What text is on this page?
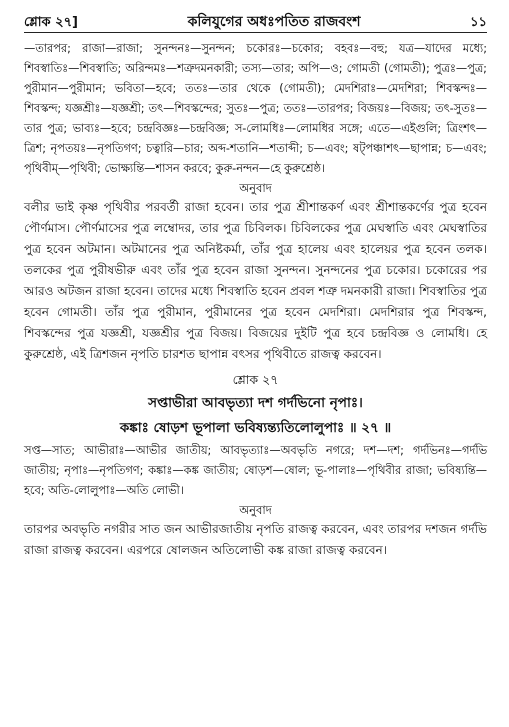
শ্লোক ২৭]	কলিযুগের অধঃপতিত রাজবংশ	১১

—তারপর; রাজা—রাজা; সুনন্দনঃ—সুনন্দন; চকোরঃ—চকোর; বহবঃ—বহু; যত্র—যাদের মধ্যে; শিবস্বাতিঃ—শিবস্বাতি; অরিন্দমঃ—শত্রুদমনকারী; তস্য—তার; অপি—ও; গোমতী (গোমতী); পুত্রঃ—পুত্র; পুরীমান—পুরীমান; ভবিতা—হবে; ততঃ—তার থেকে (গোমতী); মেদশিরাঃ—মেদশিরা; শিবস্কন্দঃ—শিবস্কন্দ; যজ্ঞশ্রীঃ—যজ্ঞশ্রী; তৎ—শিবস্কন্দের; সুতঃ—পুত্র; ততঃ—তারপর; বিজয়ঃ—বিজয়; তৎ-সুতঃ—তার পুত্র; ভাব্যঃ—হবে; চন্দ্রবিজ্ঞঃ—চন্দ্রবিজ্ঞ; স-লোমধিঃ—লোমধির সঙ্গে; এতে—এইগুলি; ত্রিংশৎ—ত্রিশ; নৃপতয়ঃ—নৃপতিগণ; চত্বারি—চার; অব্দ-শতানি—শতাব্দী; চ—এবং; ষট্‌পঞ্চাশৎ—ছাপান্ন; চ—এবং; পৃথিবীম্‌—পৃথিবী; ভোক্ষ্যন্তি—শাসন করবে; কুরু-নন্দন—হে কুরুশ্রেষ্ঠ।

অনুবাদ

বলীর ভাই কৃষ্ণ পৃথিবীর পরবর্তী রাজা হবেন। তার পুত্র শ্রীশান্তকর্ণ এবং শ্রীশান্তকর্ণের পুত্র হবেন পৌর্ণমাস। পৌর্ণমাসের পুত্র লম্বোদর, তার পুত্র চিবিলক। চিবিলকের পুত্র মেঘস্বাতি এবং মেঘস্বাতির পুত্র হবেন অটমান। অটমানের পুত্র অনিষ্টকর্মা, তাঁর পুত্র হালেয় এবং হালেয়র পুত্র হবেন তলক। তলকের পুত্র পুরীষভীরু এবং তাঁর পুত্র হবেন রাজা সুনন্দন। সুনন্দনের পুত্র চকোর। চকোরের পর আরও অটজন রাজা হবেন। তাদের মধ্যে শিবস্বাতি হবেন প্রবল শত্রু দমনকারী রাজা। শিবস্বাতির পুত্র হবেন গোমতী। তাঁর পুত্র পুরীমান, পুরীমানের পুত্র হবেন মেদশিরা। মেদশিরার পুত্র শিবস্কন্দ, শিবস্কন্দের পুত্র যজ্ঞশ্রী, যজ্ঞশ্রীর পুত্র বিজয়। বিজয়ের দুইটি পুত্র হবে চন্দ্রবিজ্ঞ ও লোমধি। হে কুরুশ্রেষ্ঠ, এই ত্রিশজন নৃপতি চারশত ছাপান্ন বৎসর পৃথিবীতে রাজত্ব করবেন।

শ্লোক ২৭

সপ্তাভীরা আবভৃত্যা দশ গর্দভিনো নৃপাঃ।

কঙ্কাঃ ষোড়শ ভূপালা ভবিষ্যন্ত্যতিলোলুপাঃ ॥ ২৭ ॥

সপ্ত—সাত; আভীরাঃ—আভীর জাতীয়; আবভৃত্যাঃ—অবভৃতি নগরে; দশ—দশ; গর্দভিনঃ—গর্দভি জাতীয়; নৃপাঃ—নৃপতিগণ; কঙ্কাঃ—কঙ্ক জাতীয়; ষোড়শ—ষোল; ভূ-পালাঃ—পৃথিবীর রাজা; ভবিষ্যন্তি—হবে; অতি-লোলুপাঃ—অতি লোভী।

অনুবাদ

তারপর অবভৃতি নগরীর সাত জন আভীরজাতীয় নৃপতি রাজত্ব করবেন, এবং তারপর দশজন গর্দভি রাজা রাজত্ব করবেন। এরপরে ষোলজন অতিলোভী কঙ্ক রাজা রাজত্ব করবেন।
